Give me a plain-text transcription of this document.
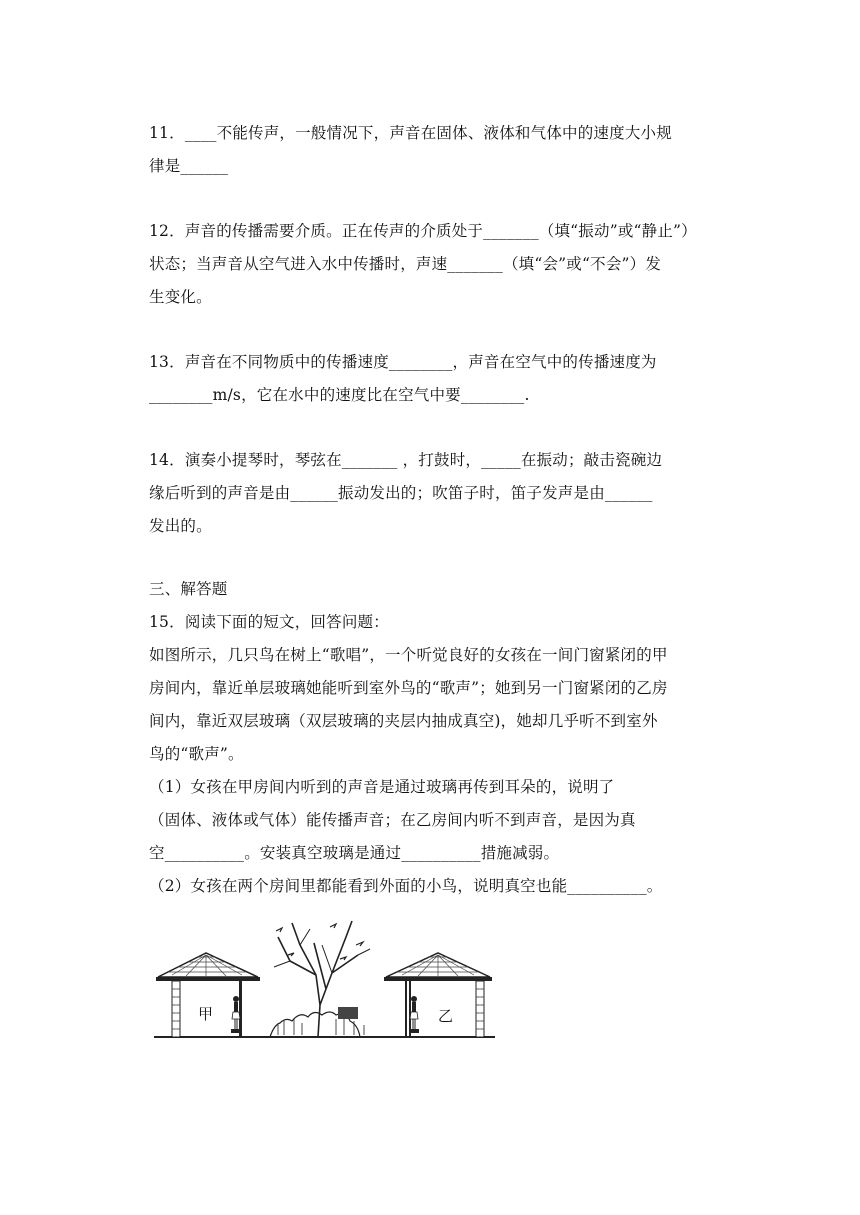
11．____不能传声，一般情况下，声音在固体、液体和气体中的速度大小规
律是______
12．声音的传播需要介质。正在传声的介质处于_______（填“振动”或“静止”）
状态；当声音从空气进入水中传播时，声速_______（填“会”或“不会”）发
生变化。
13．声音在不同物质中的传播速度________，声音在空气中的传播速度为
________m/s，它在水中的速度比在空气中要________.
14．演奏小提琴时，琴弦在_______ ，打鼓时，_____在振动；敲击瓷碗边
缘后听到的声音是由______振动发出的；吹笛子时，笛子发声是由______
发出的。
三、解答题
15．阅读下面的短文，回答问题：
如图所示，几只鸟在树上“歌唱”，一个听觉良好的女孩在一间门窗紧闭的甲
房间内，靠近单层玻璃她能听到室外鸟的“歌声”；她到另一门窗紧闭的乙房
间内，靠近双层玻璃（双层玻璃的夹层内抽成真空)，她却几乎听不到室外
鸟的“歌声”。
（1）女孩在甲房间内听到的声音是通过玻璃再传到耳朵的，说明了
（固体、液体或气体）能传播声音；在乙房间内听不到声音，是因为真
空__________。安装真空玻璃是通过__________措施减弱。
（2）女孩在两个房间里都能看到外面的小鸟，说明真空也能__________。
甲	乙
